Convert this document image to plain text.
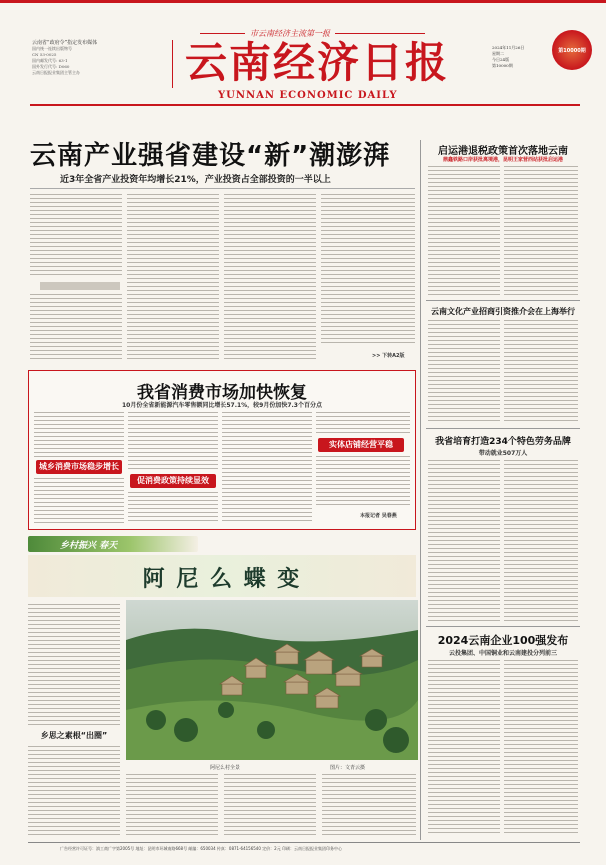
市云南经济主流第一报
云南省“政府令”指定发布媒体
国内统一连续出版物号
CN 53-0025
国内邮发代号: 63-1
国外发行代号: D060
云南日报报业集团主管主办	云南经济日报
YUNNAN ECONOMIC DAILY
2024年11月26日
星期二
今日24版
第10000期
第10000期
云南产业强省建设“新”潮澎湃
近3年全省产业投资年均增长21%，产业投资占全部投资的一半以上
>> 下转A2版
启运港退税政策首次落地云南
鼎鑫铁路口岸获批离境港，昆明王家营西站获批启运港
云南文化产业招商引资推介会在上海举行
我省培育打造234个特色劳务品牌
带动就业507万人
2024云南企业100强发布
云投集团、中国铜业和云南建投分列前三
我省消费市场加快恢复
10月份全省新能源汽车零售额同比增长57.1%，较9月份加快7.3个百分点
城乡消费市场稳步增长
促消费政策持续显效
实体店铺经营平稳
本报记者 吴春燕
乡村振兴 春天
阿 尼 么 蝶 变
乡思之素根“出圈”
阿尼么村全景	图片：文青云摄
广告经营许可证号：滇工商广字第2005号 地址：昆明市环城南路668号 邮编：650034 传真：0871-64156540 定价：2元 印刷：云南日报报业集团印务中心
